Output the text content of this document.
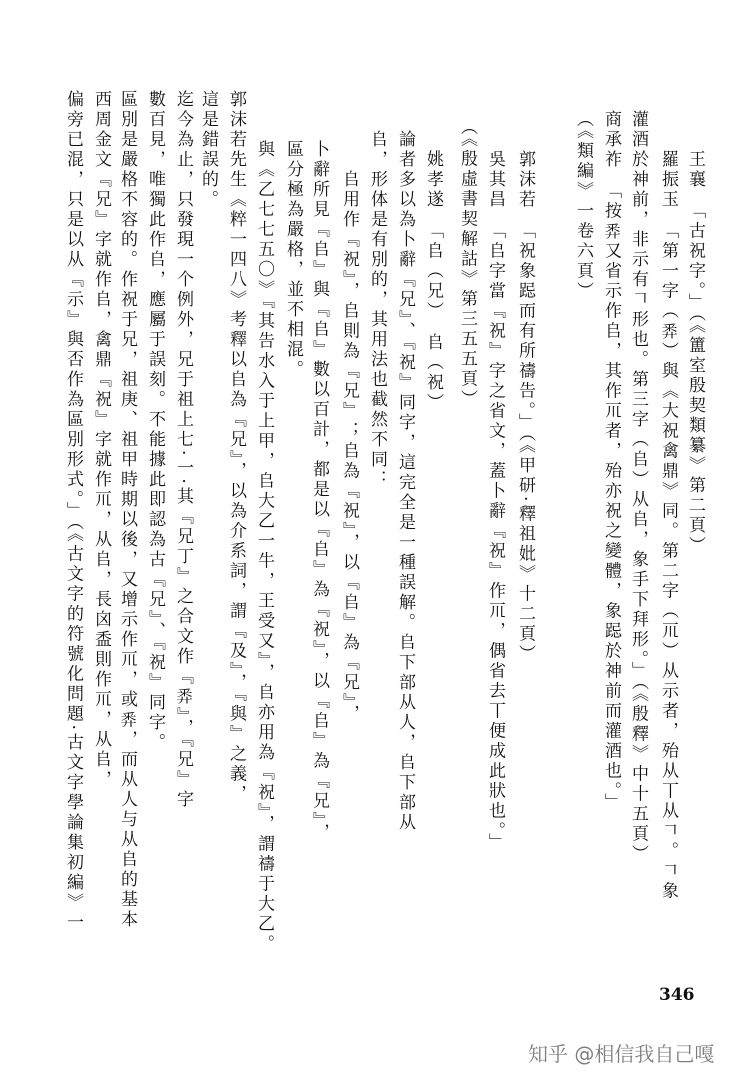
王襄　「古祝字。」（《簠室殷契類纂》第二頁）
羅振玉　「第一字（𢍏）與《大祝禽鼎》同。第二字（𥘅）从示者，殆从丅从𠃍。𠃍象
灌酒於神前，非示有𠃍形也。第三字（𠂤）从𠂤，象手下拜形。」（《殷釋》中十五頁）
商承祚　「按𢍏又省示作𠂤，其作𥘅者，殆亦祝之變體，象跽於神前而灌酒也。」
（《類編》一卷六頁）
郭沫若　「祝象跽而有所禱告。」（《甲研·釋祖妣》十二頁）
吳其昌　「𠂤字當『祝』字之省文，蓋卜辭『祝』作𥘅，偶省去丅便成此狀也。」
（《殷虛書契解詁》第三五五頁）
姚孝遂　「𠂤（兄）　𠂤（祝）
論者多以為卜辭『兄』、『祝』同字，這完全是一種誤解。𠂤下部从人，𠂤下部从
𠂤，形体是有別的，其用法也截然不同：
𠂤用作『祝』，𠂤則為『兄』；𠂤為『祝』，以『𠂤』為『兄』，
卜辭所見『𠂤』與『𠂤』數以百計，都是以『𠂤』為『祝』，以『𠂤』為『兄』，
區分極為嚴格，並不相混。
與《乙七七五〇》『其告水入于上甲，𠂤大乙一牛，王受又』，𠂤亦用為『祝』，謂禱于大乙。
郭沫若先生《粹一四八》考釋以𠂤為『兄』，以為介系詞，謂『及』，『與』之義，
這是錯誤的。
迄今為止，只發現一个例外，兄于祖上七·一·其『兄丁』之合文作『𢍏』，『兄』字
數百見，唯獨此作𠂤，應屬于誤刻。不能據此即認為古『兄』、『祝』同字。
區別是嚴格不容的。作祝于兄，祖庚、祖甲時期以後，又增示作𥘅，或𢍏，而从人与从𠂤的基本
西周金文『兄』字就作𠂤，禽鼎『祝』字就作𥘅，从𠂤，長囟盉則作𥘅，从𠂤，
偏旁已混，只是以从『示』與否作為區別形式。」（《古文字的符號化問題·古文字學論集初編》一
346
知乎 @相信我自己嘎
